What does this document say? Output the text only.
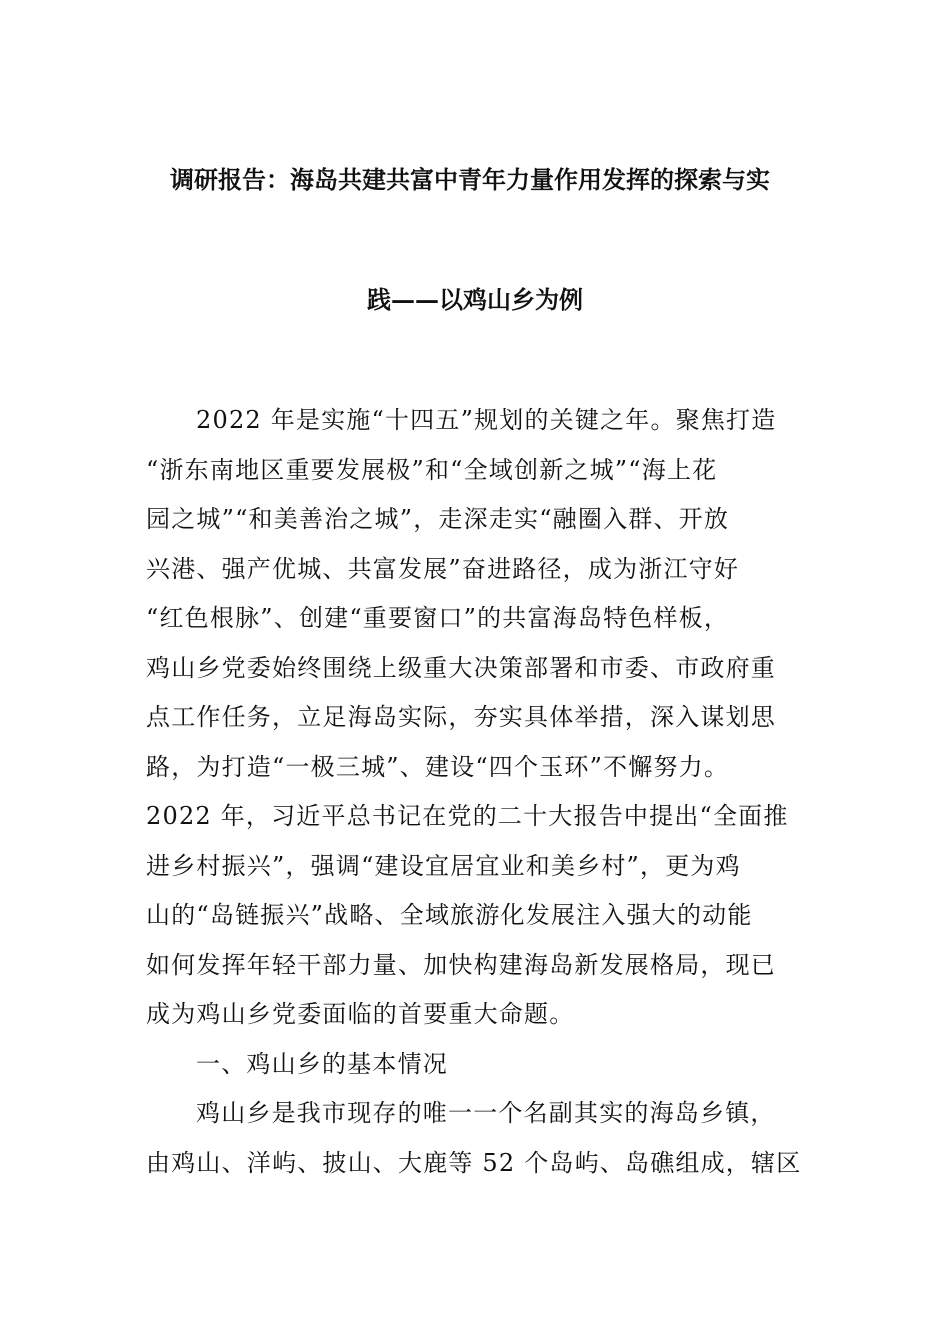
调研报告：海岛共建共富中青年力量作用发挥的探索与实
践——以鸡山乡为例
2022 年是实施“十四五”规划的关键之年。聚焦打造
“浙东南地区重要发展极”和“全域创新之城”“海上花
园之城”“和美善治之城”，走深走实“融圈入群、开放
兴港、强产优城、共富发展”奋进路径，成为浙江守好
“红色根脉”、创建“重要窗口”的共富海岛特色样板，
鸡山乡党委始终围绕上级重大决策部署和市委、市政府重
点工作任务，立足海岛实际，夯实具体举措，深入谋划思
路，为打造“一极三城”、建设“四个玉环”不懈努力。
2022 年，习近平总书记在党的二十大报告中提出“全面推
进乡村振兴”，强调“建设宜居宜业和美乡村”，更为鸡
山的“岛链振兴”战略、全域旅游化发展注入强大的动能
如何发挥年轻干部力量、加快构建海岛新发展格局，现已
成为鸡山乡党委面临的首要重大命题。
一、鸡山乡的基本情况
鸡山乡是我市现存的唯一一个名副其实的海岛乡镇，
由鸡山、洋屿、披山、大鹿等 52 个岛屿、岛礁组成，辖区
